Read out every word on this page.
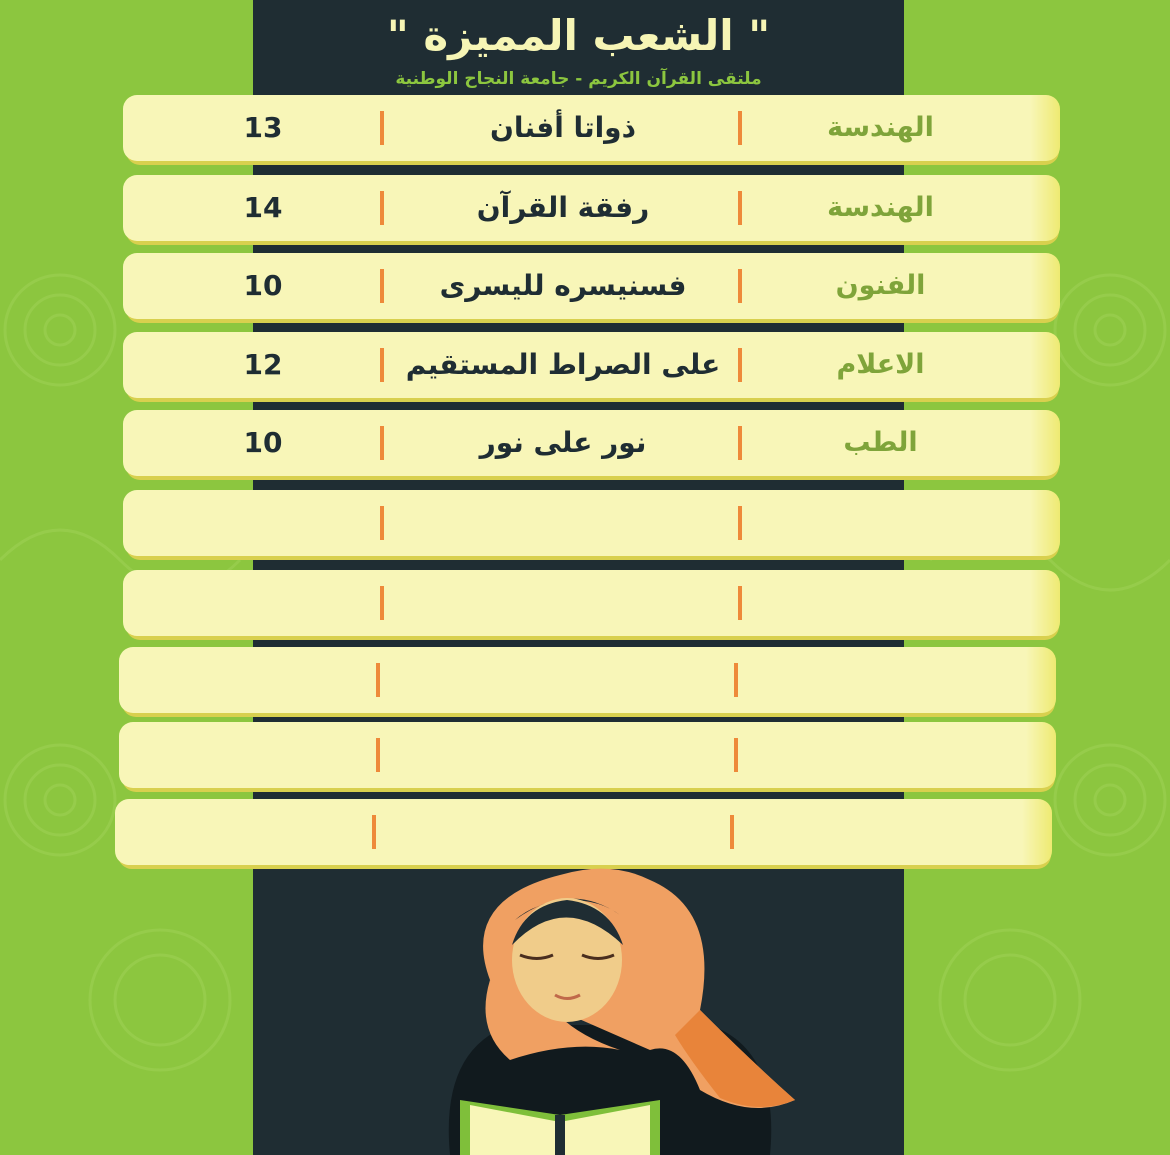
" الشعب المميزة "
ملتقى القرآن الكريم - جامعة النجاح الوطنية
13	ذواتا أفنان	الهندسة
14	رفقة القرآن	الهندسة
10	فسنيسره لليسرى	الفنون
12	على الصراط المستقيم	الاعلام
10	نور على نور	الطب
